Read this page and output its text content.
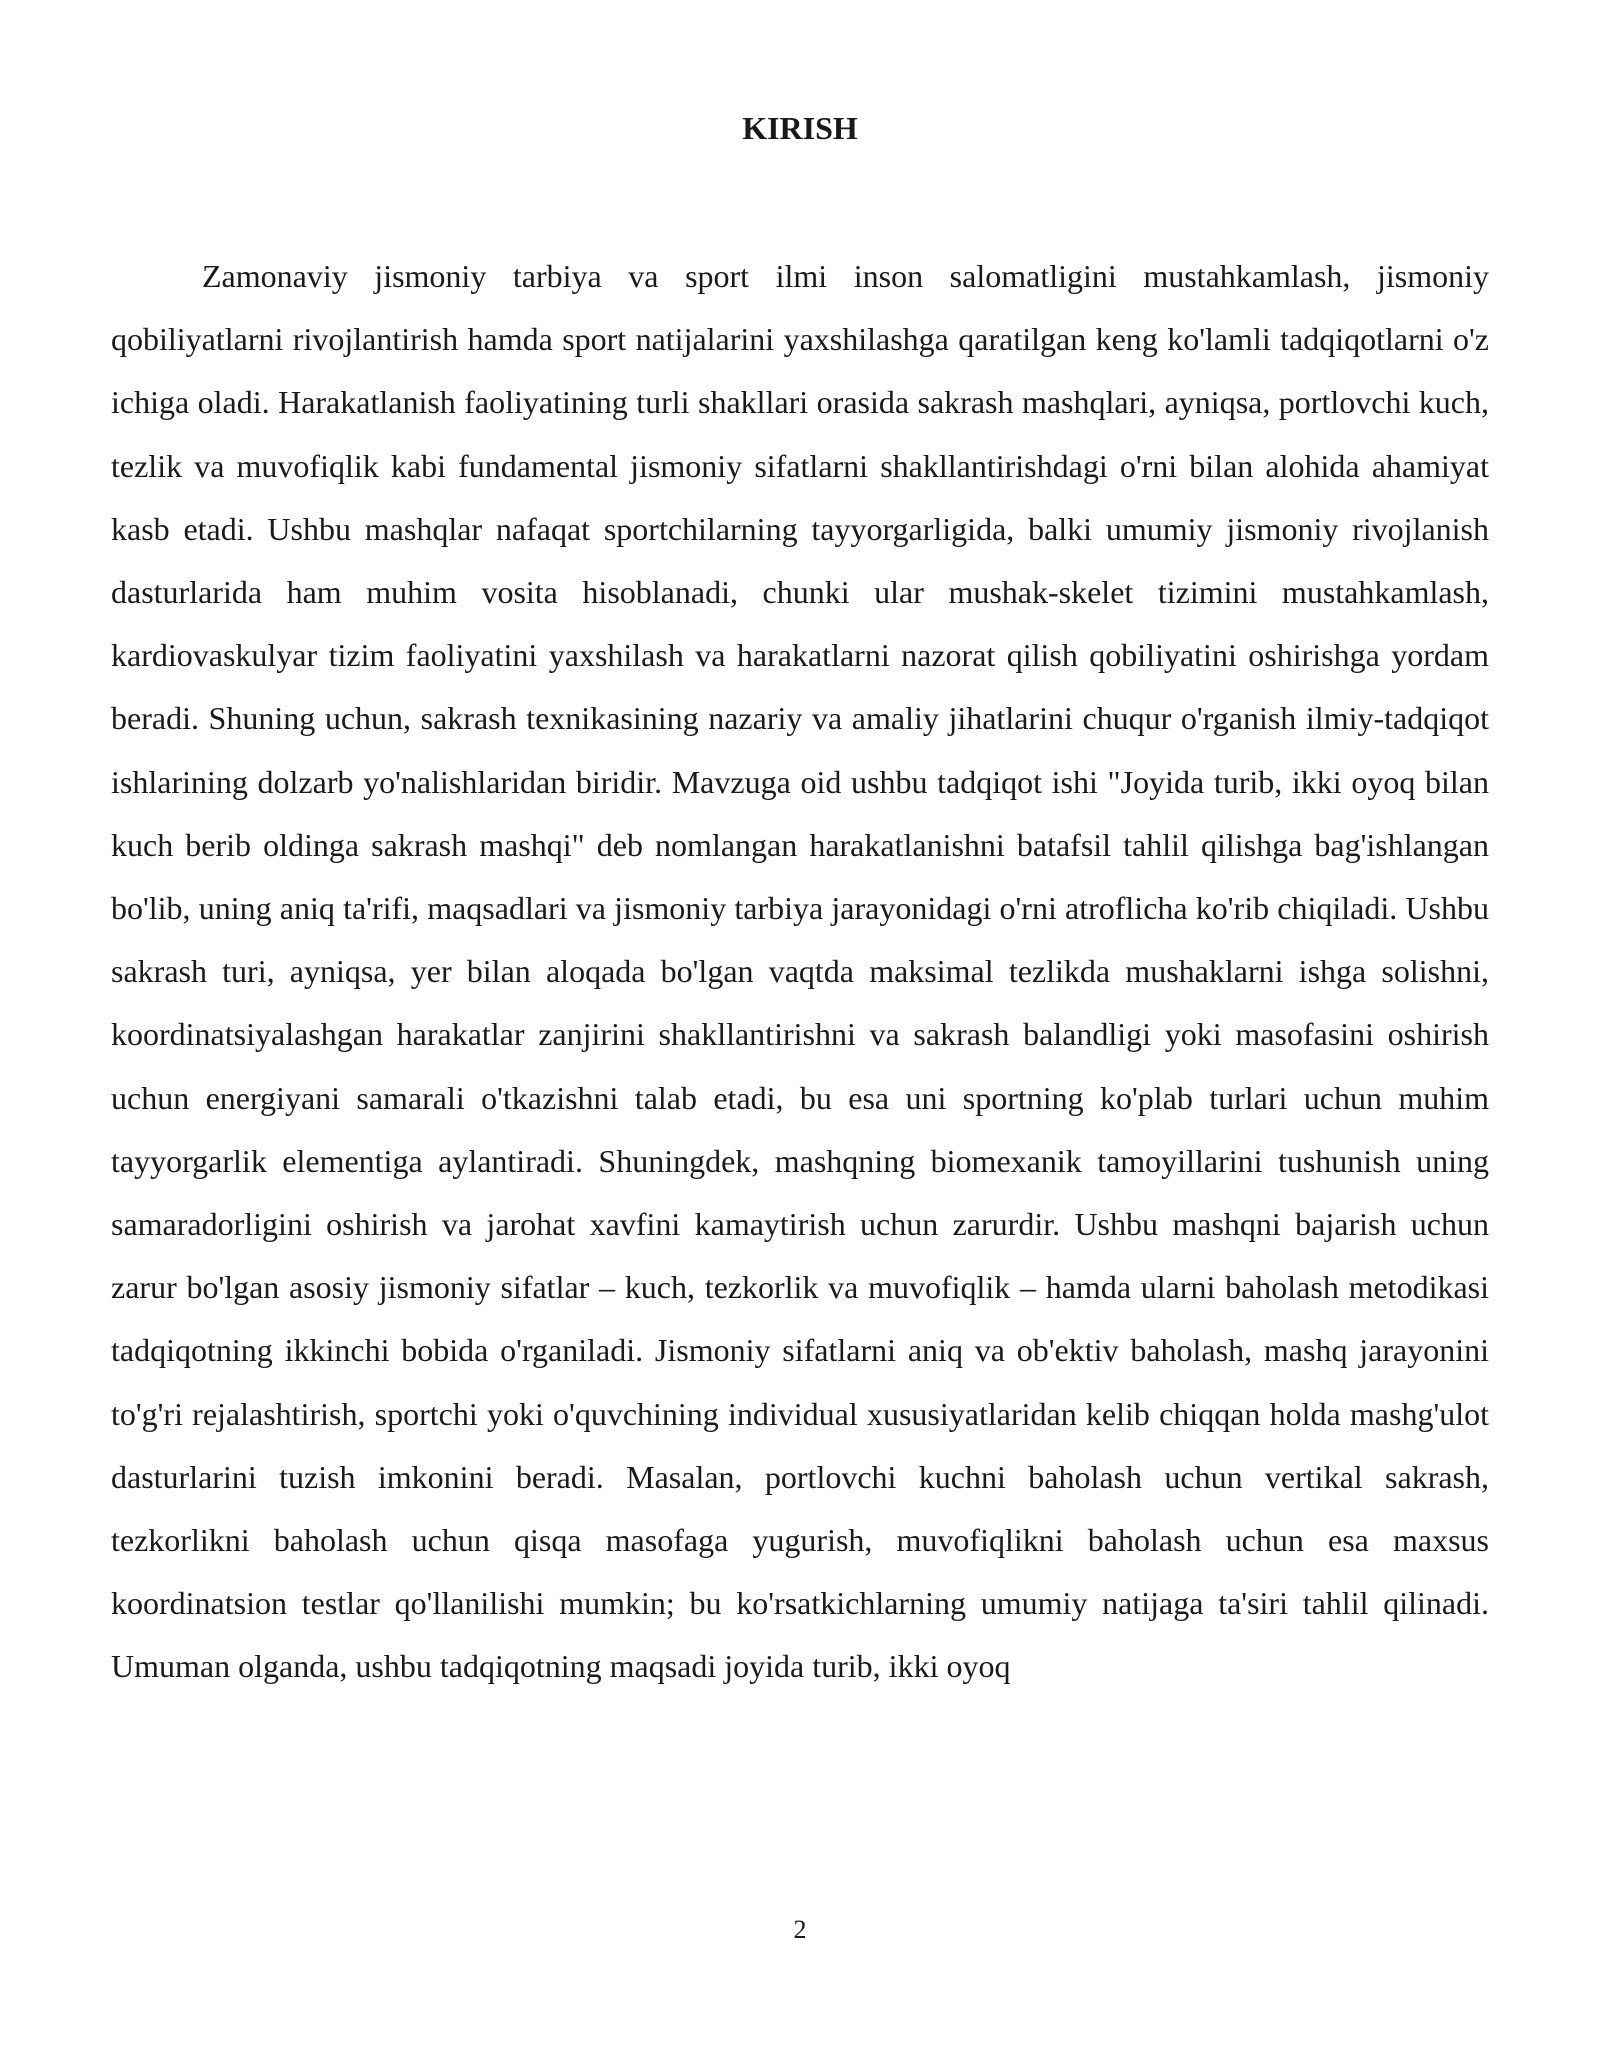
KIRISH

Zamonaviy jismoniy tarbiya va sport ilmi inson salomatligini mustahkamlash, jismoniy qobiliyatlarni rivojlantirish hamda sport natijalarini yaxshilashga qaratilgan keng ko'lamli tadqiqotlarni o'z ichiga oladi. Harakatlanish faoliyatining turli shakllari orasida sakrash mashqlari, ayniqsa, portlovchi kuch, tezlik va muvofiqlik kabi fundamental jismoniy sifatlarni shakllantirishdagi o'rni bilan alohida ahamiyat kasb etadi. Ushbu mashqlar nafaqat sportchilarning tayyorgarligida, balki umumiy jismoniy rivojlanish dasturlarida ham muhim vosita hisoblanadi, chunki ular mushak-skelet tizimini mustahkamlash, kardiovaskulyar tizim faoliyatini yaxshilash va harakatlarni nazorat qilish qobiliyatini oshirishga yordam beradi. Shuning uchun, sakrash texnikasining nazariy va amaliy jihatlarini chuqur o'rganish ilmiy-tadqiqot ishlarining dolzarb yo'nalishlaridan biridir. Mavzuga oid ushbu tadqiqot ishi "Joyida turib, ikki oyoq bilan kuch berib oldinga sakrash mashqi" deb nomlangan harakatlanishni batafsil tahlil qilishga bag'ishlangan bo'lib, uning aniq ta'rifi, maqsadlari va jismoniy tarbiya jarayonidagi o'rni atroflicha ko'rib chiqiladi. Ushbu sakrash turi, ayniqsa, yer bilan aloqada bo'lgan vaqtda maksimal tezlikda mushaklarni ishga solishni, koordinatsiyalashgan harakatlar zanjirini shakllantirishni va sakrash balandligi yoki masofasini oshirish uchun energiyani samarali o'tkazishni talab etadi, bu esa uni sportning ko'plab turlari uchun muhim tayyorgarlik elementiga aylantiradi. Shuningdek, mashqning biomexanik tamoyillarini tushunish uning samaradorligini oshirish va jarohat xavfini kamaytirish uchun zarurdir. Ushbu mashqni bajarish uchun zarur bo'lgan asosiy jismoniy sifatlar – kuch, tezkorlik va muvofiqlik – hamda ularni baholash metodikasi tadqiqotning ikkinchi bobida o'rganiladi. Jismoniy sifatlarni aniq va ob'ektiv baholash, mashq jarayonini to'g'ri rejalashtirish, sportchi yoki o'quvchining individual xususiyatlaridan kelib chiqqan holda mashg'ulot dasturlarini tuzish imkonini beradi. Masalan, portlovchi kuchni baholash uchun vertikal sakrash, tezkorlikni baholash uchun qisqa masofaga yugurish, muvofiqlikni baholash uchun esa maxsus koordinatsion testlar qo'llanilishi mumkin; bu ko'rsatkichlarning umumiy natijaga ta'siri tahlil qilinadi. Umuman olganda, ushbu tadqiqotning maqsadi joyida turib, ikki oyoq

2
